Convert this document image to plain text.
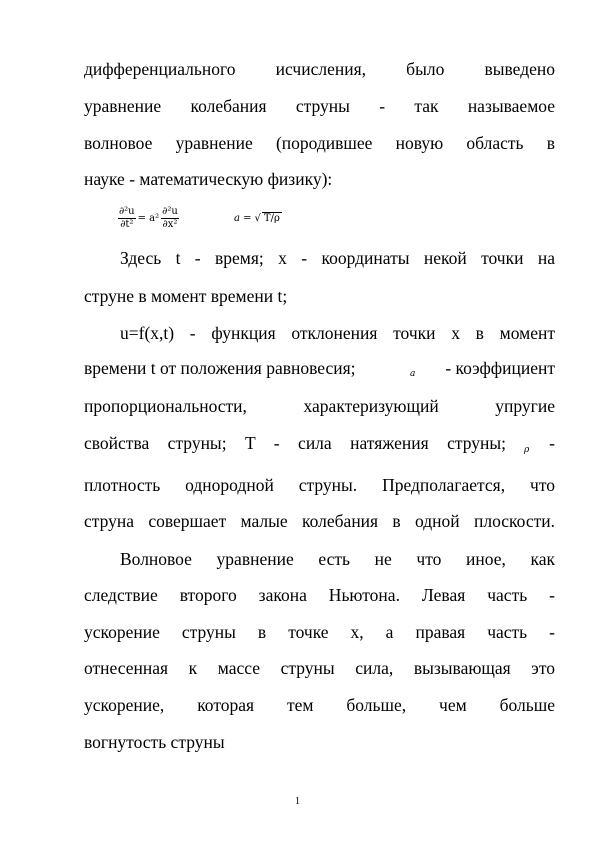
дифференциального исчисления, было выведено
уравнение колебания струны - так называемое
волновое уравнение (породившее новую область в
науке - математическую физику):
$\frac{\text{∂²u}}{\text{∂t²}} = a^2 \frac{\text{∂²u}}{\text{∂x²}}$	a = √ T/ρ
Здесь t - время; x - координаты некой точки на
струне в момент времени t;
u=f(x,t) - функция отклонения точки x в момент
времени t от положения равновесия;	a	- коэффициент
пропорциональности, характеризующий упругие
свойства струны; T - сила натяжения струны; ρ -
плотность однородной струны. Предполагается, что
струна совершает малые колебания в одной плоскости.
Волновое уравнение есть не что иное, как
следствие второго закона Ньютона. Левая часть -
ускорение струны в точке x, а правая часть -
отнесенная к массе струны сила, вызывающая это
ускорение, которая тем больше, чем больше
вогнутость струны
1
